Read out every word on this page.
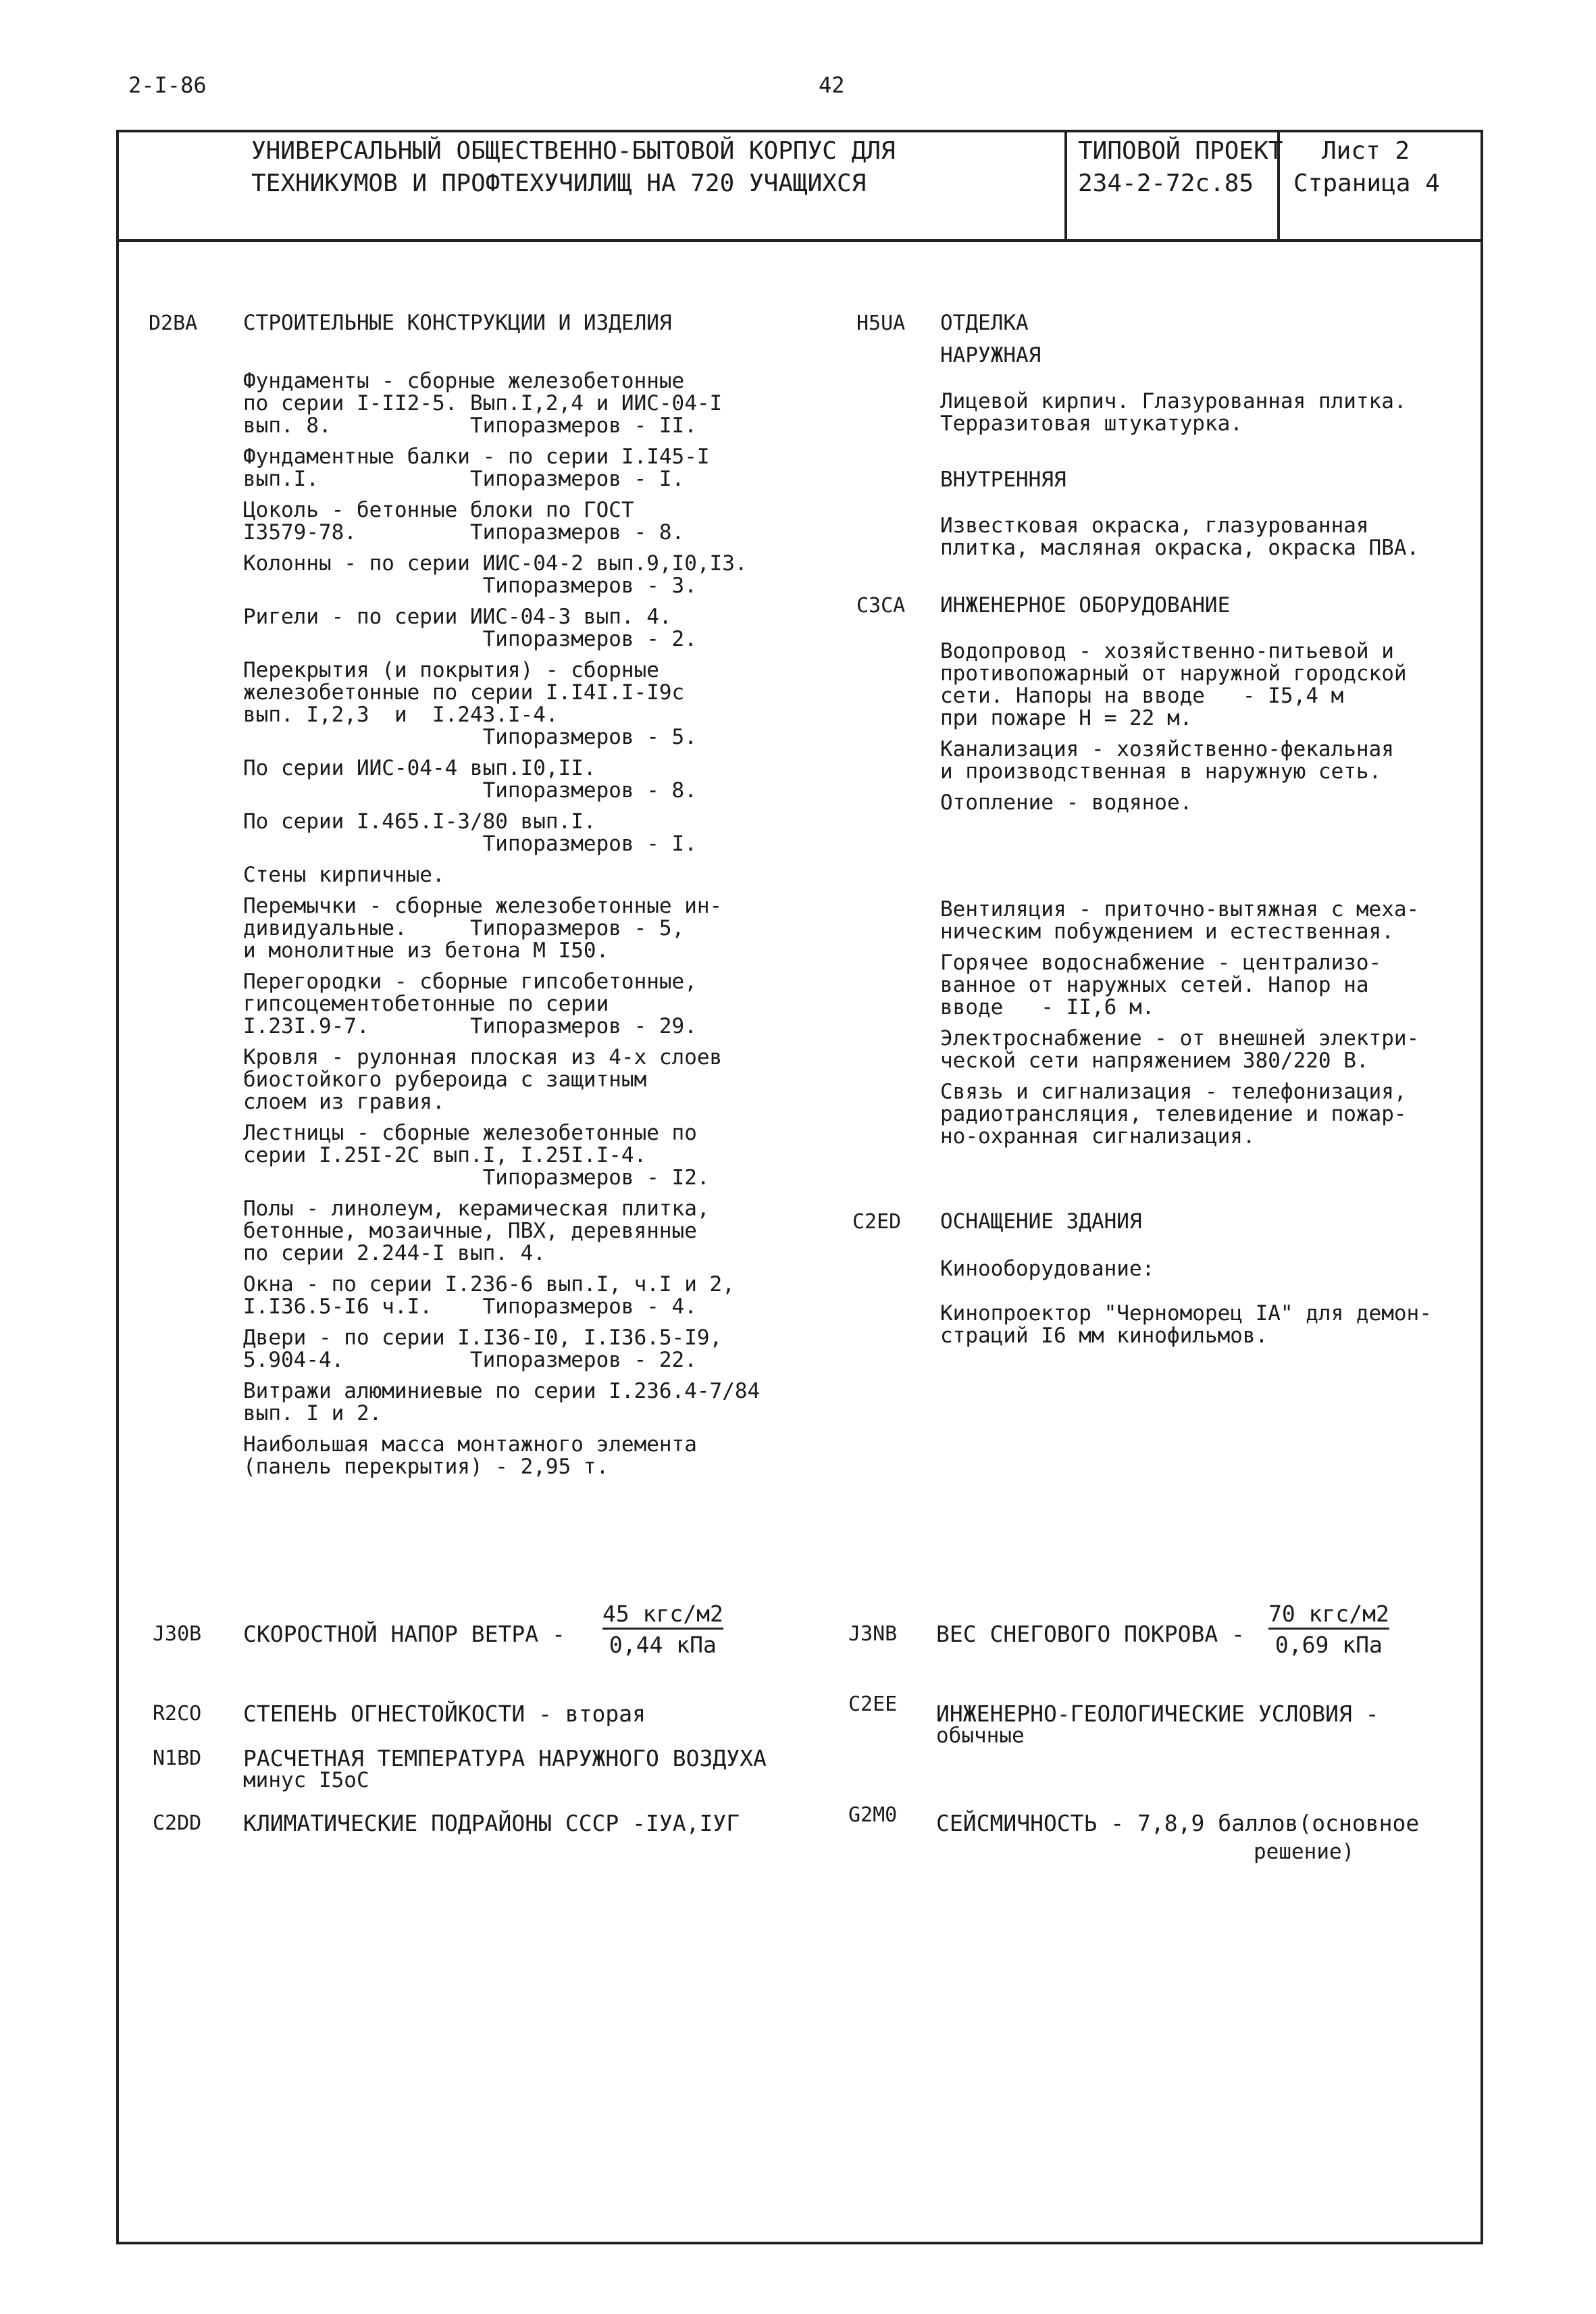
2-I-86	42
УНИВЕРСАЛЬНЫЙ ОБЩЕСТВЕННО-БЫТОВОЙ КОРПУС ДЛЯ
ТЕХНИКУМОВ И ПРОФТЕХУЧИЛИЩ НА 720 УЧАЩИХСЯ
ТИПОВОЙ ПРОЕКТ
234-2-72с.85
Лист 2
Страница 4
D2BA СТРОИТЕЛЬНЫЕ КОНСТРУКЦИИ И ИЗДЕЛИЯ
Фундаменты - сборные железобетонные
по серии I-II2-5. Вып.I,2,4 и ИИС-04-I
вып. 8.           Типоразмеров - II.
Фундаментные балки - по серии I.I45-I
вып.I.            Типоразмеров - I.
Цоколь - бетонные блоки по ГОСТ
I3579-78.         Типоразмеров - 8.
Колонны - по серии ИИС-04-2 вып.9,I0,I3.
Типоразмеров - 3.
Ригели - по серии ИИС-04-3 вып. 4.
Типоразмеров - 2.
Перекрытия (и покрытия) - сборные
железобетонные по серии I.I4I.I-I9с
вып. I,2,3  и  I.243.I-4.
Типоразмеров - 5.
По серии ИИС-04-4 вып.I0,II.
Типоразмеров - 8.
По серии I.465.I-3/80 вып.I.
Типоразмеров - I.
Стены кирпичные.
Перемычки - сборные железобетонные ин-
дивидуальные.     Типоразмеров - 5,
и монолитные из бетона М I50.
Перегородки - сборные гипсобетонные,
гипсоцементобетонные по серии
I.23I.9-7.        Типоразмеров - 29.
Кровля - рулонная плоская из 4-х слоев
биостойкого рубероида с защитным
слоем из гравия.
Лестницы - сборные железобетонные по
серии I.25I-2С вып.I, I.25I.I-4.
Типоразмеров - I2.
Полы - линолеум, керамическая плитка,
бетонные, мозаичные, ПВХ, деревянные
по серии 2.244-I вып. 4.
Окна - по серии I.236-6 вып.I, ч.I и 2,
I.I36.5-I6 ч.I.    Типоразмеров - 4.
Двери - по серии I.I36-I0, I.I36.5-I9,
5.904-4.          Типоразмеров - 22.
Витражи алюминиевые по серии I.236.4-7/84
вып. I и 2.
Наибольшая масса монтажного элемента
(панель перекрытия) - 2,95 т.
H5UA ОТДЕЛКА
НАРУЖНАЯ
Лицевой кирпич. Глазурованная плитка.
Терразитовая штукатурка.
ВНУТРЕННЯЯ
Известковая окраска, глазурованная
плитка, масляная окраска, окраска ПВА.
C3CA ИНЖЕНЕРНОЕ ОБОРУДОВАНИЕ
Водопровод - хозяйственно-питьевой и
противопожарный от наружной городской
сети. Напоры на вводе   - I5,4 м
при пожаре Н = 22 м.
Канализация - хозяйственно-фекальная
и производственная в наружную сеть.
Отопление - водяное.
Вентиляция - приточно-вытяжная с меха-
ническим побуждением и естественная.
Горячее водоснабжение - централизо-
ванное от наружных сетей. Напор на
вводе   - II,6 м.
Электроснабжение - от внешней электри-
ческой сети напряжением 380/220 В.
Связь и сигнализация - телефонизация,
радиотрансляция, телевидение и пожар-
но-охранная сигнализация.
C2ED ОСНАЩЕНИЕ ЗДАНИЯ
Кинооборудование:
Кинопроектор "Черноморец IА" для демон-
страций I6 мм кинофильмов.
J30B СКОРОСТНОЙ НАПОР ВЕТРА -
45 кгс/м2
0,44 кПа	J3NB ВЕС СНЕГОВОГО ПОКРОВА -
70 кгс/м2
0,69 кПа
R2CO СТЕПЕНЬ ОГНЕСТОЙКОСТИ - вторая	C2EE ИНЖЕНЕРНО-ГЕОЛОГИЧЕСКИЕ УСЛОВИЯ -
обычные
N1BD РАСЧЕТНАЯ ТЕМПЕРАТУРА НАРУЖНОГО ВОЗДУХА
минус I5оС
C2DD КЛИМАТИЧЕСКИЕ ПОДРАЙОНЫ СССР -IУА,IУГ	G2M0 СЕЙСМИЧНОСТЬ - 7,8,9 баллов(основное
решение)
